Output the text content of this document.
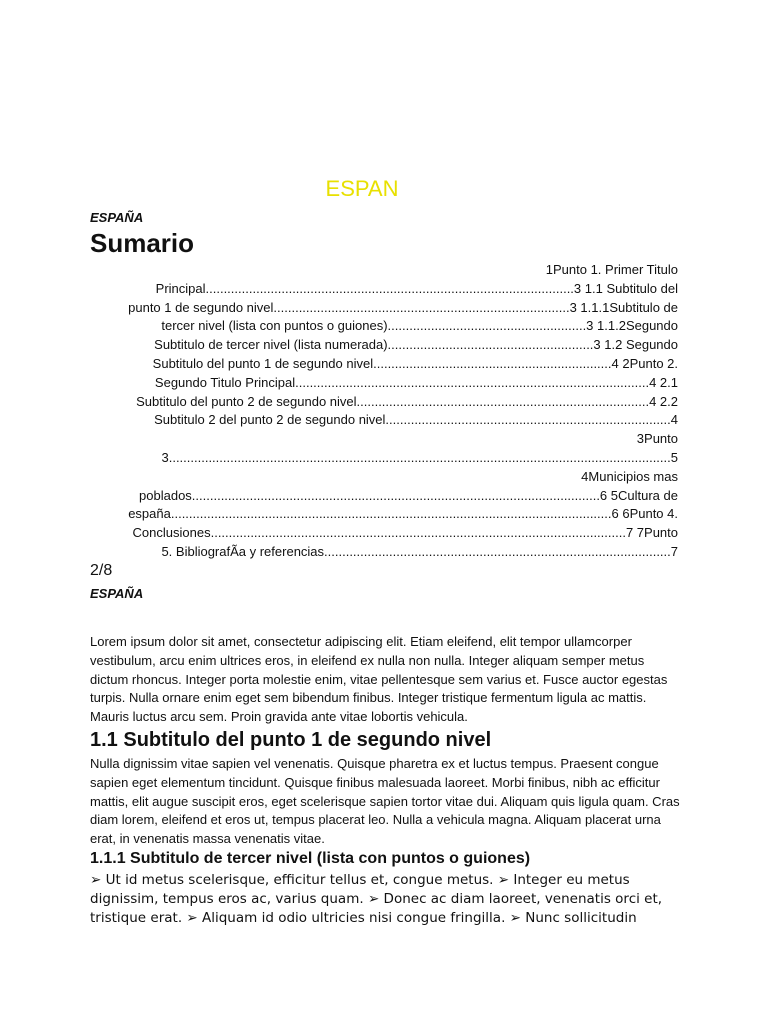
ESPAN
ESPAÑA
Sumario
1Punto 1. Primer Titulo
Principal......................................................................................................3 1.1 Subtitulo del
punto 1 de segundo nivel..................................................................................3 1.1.1Subtitulo de
tercer nivel (lista con puntos o guiones).......................................................3 1.1.2Segundo
Subtitulo de tercer nivel (lista numerada).........................................................3 1.2 Segundo
Subtitulo del punto 1 de segundo nivel..................................................................4 2Punto 2.
Segundo Titulo Principal..................................................................................................4 2.1
Subtitulo del punto 2 de segundo nivel.................................................................................4 2.2
Subtitulo 2 del punto 2 de segundo nivel...............................................................................4
3Punto
3...........................................................................................................................................5
4Municipios mas
poblados.................................................................................................................6 5Cultura de
españa..........................................................................................................................6 6Punto 4.
Conclusiones...................................................................................................................7 7Punto
5. BibliografÃa y referencias................................................................................................7
2/8
ESPAÑA
Lorem ipsum dolor sit amet, consectetur adipiscing elit. Etiam eleifend, elit tempor ullamcorper vestibulum, arcu enim ultrices eros, in eleifend ex nulla non nulla. Integer aliquam semper metus dictum rhoncus. Integer porta molestie enim, vitae pellentesque sem varius et. Fusce auctor egestas turpis. Nulla ornare enim eget sem bibendum finibus. Integer tristique fermentum ligula ac mattis. Mauris luctus arcu sem. Proin gravida ante vitae lobortis vehicula.
1.1 Subtitulo del punto 1 de segundo nivel
Nulla dignissim vitae sapien vel venenatis. Quisque pharetra ex et luctus tempus. Praesent congue sapien eget elementum tincidunt. Quisque finibus malesuada laoreet. Morbi finibus, nibh ac efficitur mattis, elit augue suscipit eros, eget scelerisque sapien tortor vitae dui. Aliquam quis ligula quam. Cras diam lorem, eleifend et eros ut, tempus placerat leo. Nulla a vehicula magna. Aliquam placerat urna erat, in venenatis massa venenatis vitae.
1.1.1 Subtitulo de tercer nivel (lista con puntos o guiones)
➢ Ut id metus scelerisque, efficitur tellus et, congue metus. ➢ Integer eu metus dignissim, tempus eros ac, varius quam. ➢ Donec ac diam laoreet, venenatis orci et, tristique erat. ➢ Aliquam id odio ultricies nisi congue fringilla. ➢ Nunc sollicitudin
